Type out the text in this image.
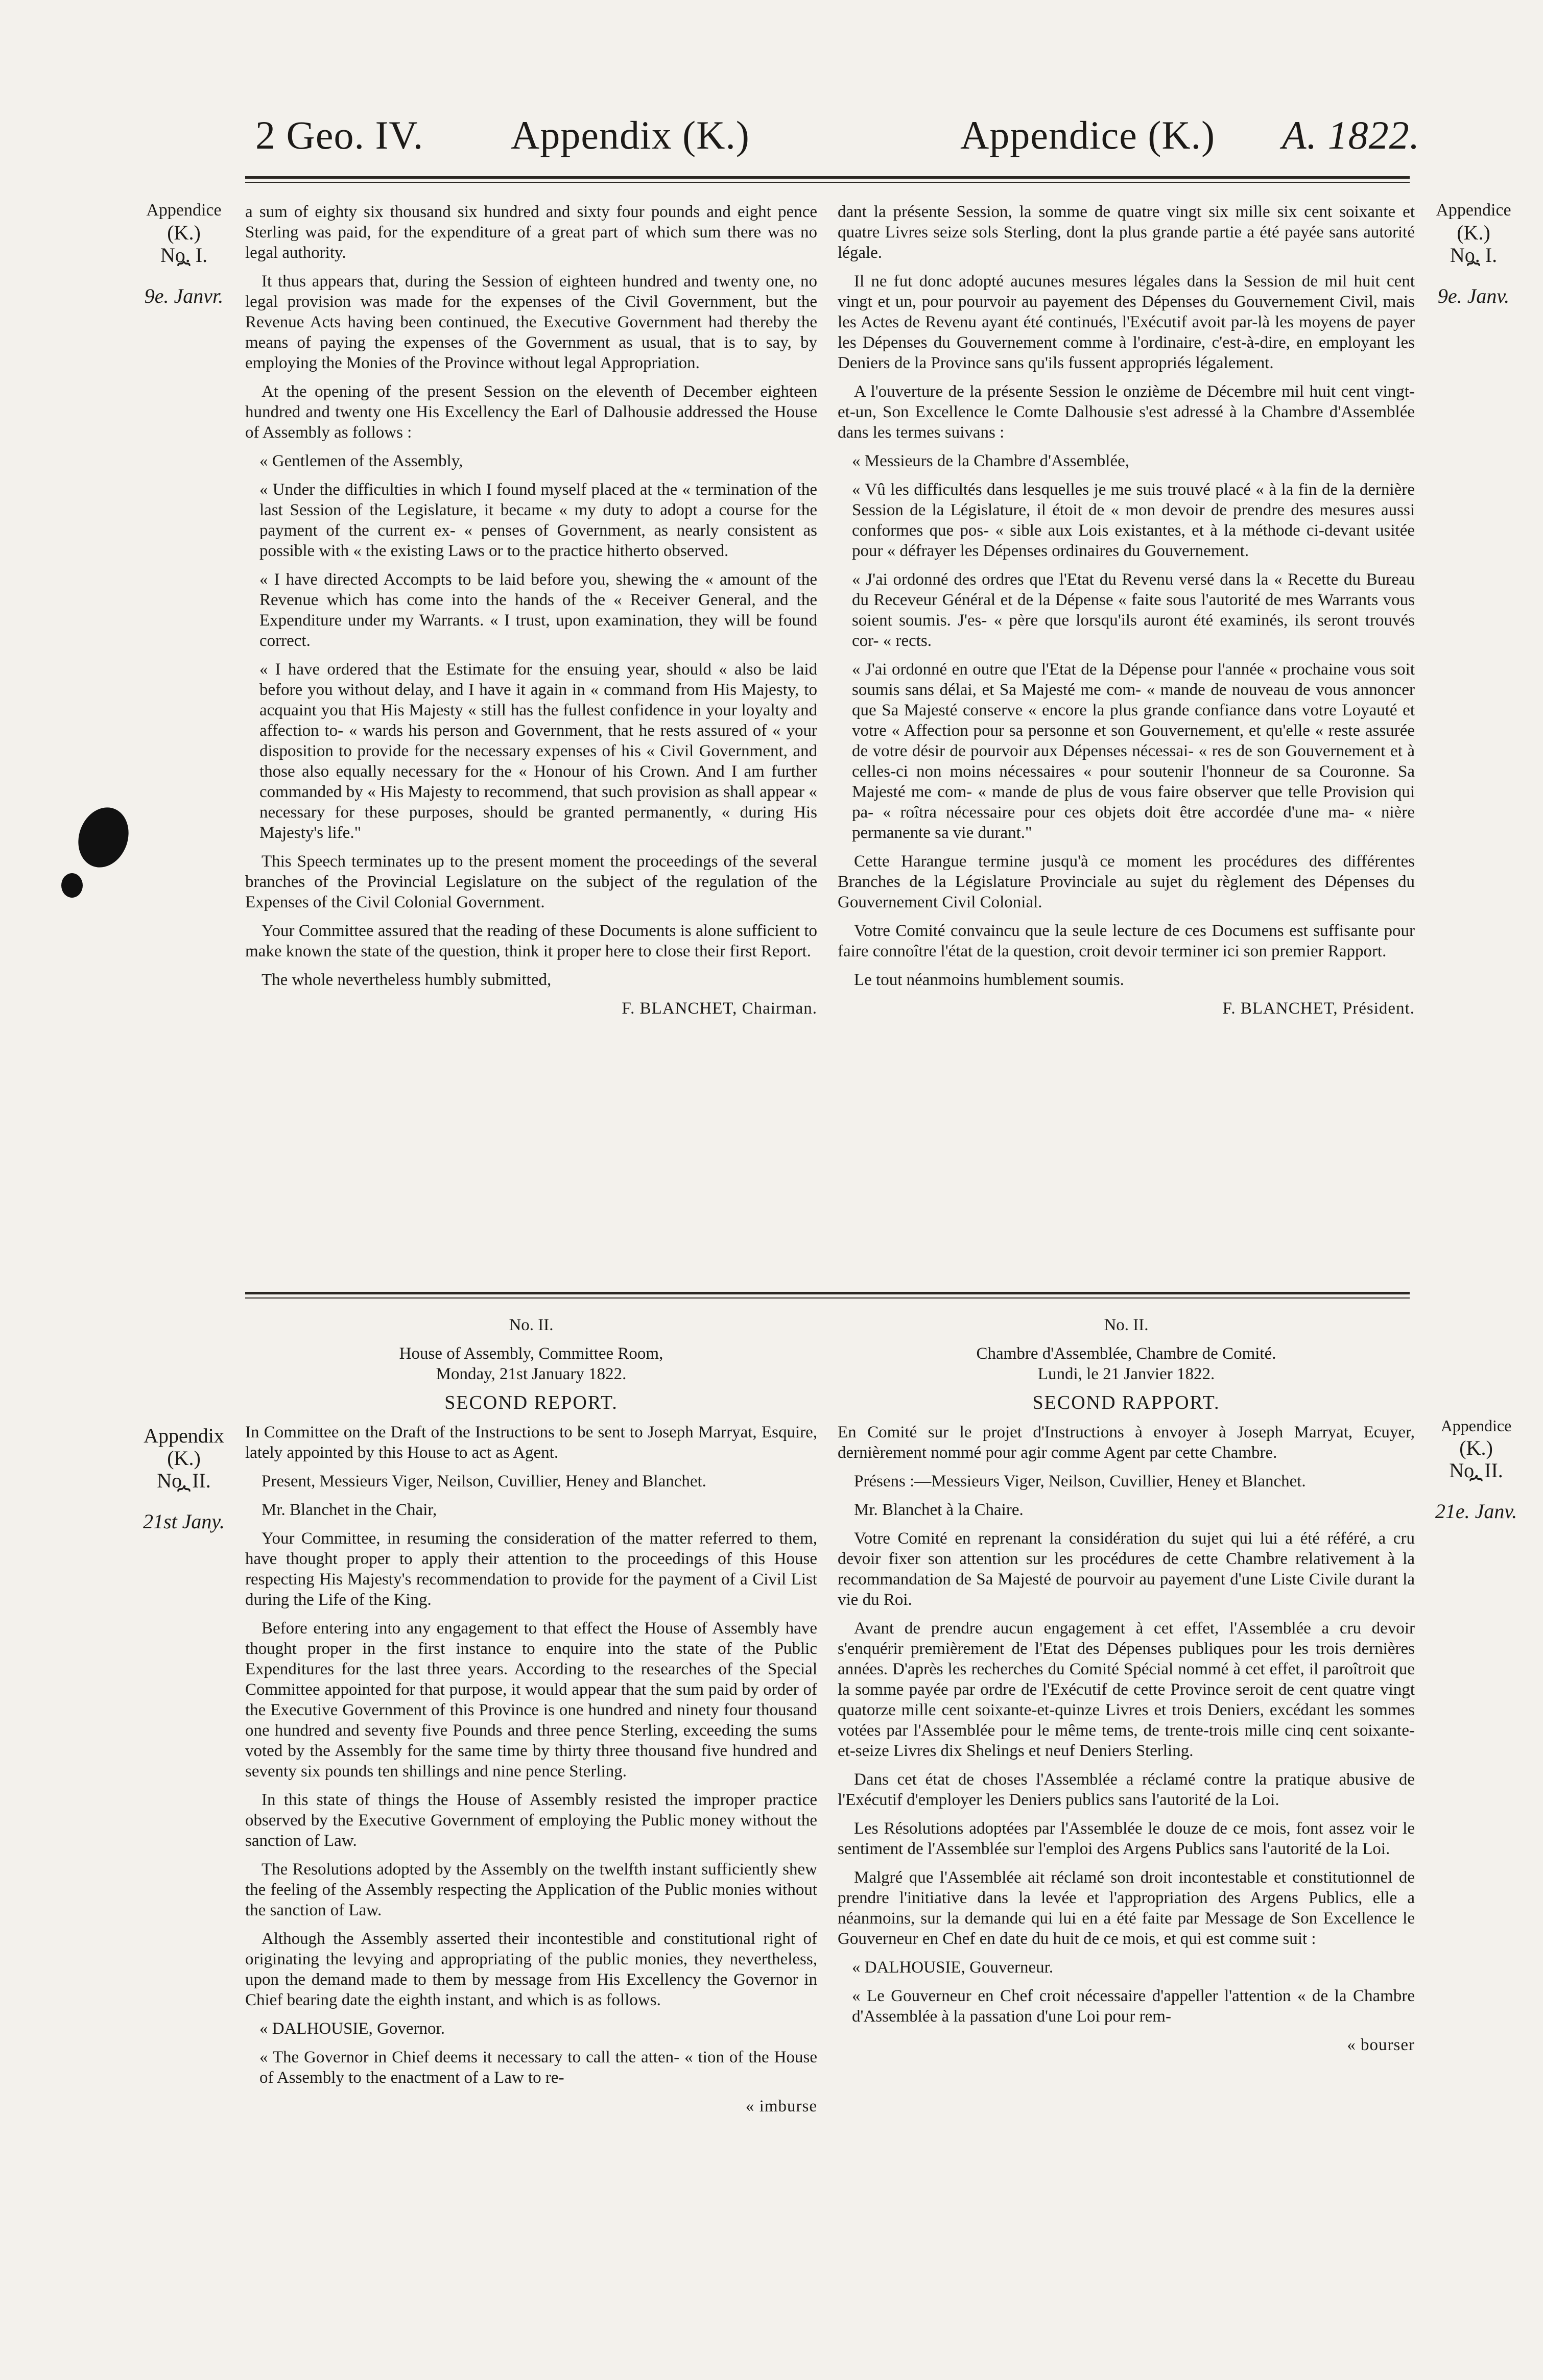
2 Geo. IV. Appendix (K.)	Appendice (K.) A. 1822.
Appendice
(K.)
No. I.
⏞
9e. Janvr.
Appendice
(K.)
No. I.
⏞
9e. Janv.
Appendix
(K.)
No. II.
⏞
21st Jany.
Appendice
(K.)
No. II.
⏞
21e. Janv.

a sum of eighty six thousand six hundred and sixty four pounds and eight pence Sterling was paid, for the expenditure of a great part of which sum there was no legal authority.

It thus appears that, during the Session of eighteen hundred and twenty one, no legal provision was made for the expenses of the Civil Government, but the Revenue Acts having been continued, the Executive Government had thereby the means of paying the expenses of the Government as usual, that is to say, by employing the Monies of the Province without legal Appropriation.

At the opening of the present Session on the eleventh of December eighteen hundred and twenty one His Excellency the Earl of Dalhousie addressed the House of Assembly as follows :

« Gentlemen of the Assembly,

« Under the difficulties in which I found myself placed at the « termination of the last Session of the Legislature, it became « my duty to adopt a course for the payment of the current ex- « penses of Government, as nearly consistent as possible with « the existing Laws or to the practice hitherto observed.

« I have directed Accompts to be laid before you, shewing the « amount of the Revenue which has come into the hands of the « Receiver General, and the Expenditure under my Warrants. « I trust, upon examination, they will be found correct.

« I have ordered that the Estimate for the ensuing year, should « also be laid before you without delay, and I have it again in « command from His Majesty, to acquaint you that His Majesty « still has the fullest confidence in your loyalty and affection to- « wards his person and Government, that he rests assured of « your disposition to provide for the necessary expenses of his « Civil Government, and those also equally necessary for the « Honour of his Crown. And I am further commanded by « His Majesty to recommend, that such provision as shall appear « necessary for these purposes, should be granted permanently, « during His Majesty's life."

This Speech terminates up to the present moment the proceedings of the several branches of the Provincial Legislature on the subject of the regulation of the Expenses of the Civil Colonial Government.

Your Committee assured that the reading of these Documents is alone sufficient to make known the state of the question, think it proper here to close their first Report.

The whole nevertheless humbly submitted,

F. BLANCHET, Chairman.

dant la présente Session, la somme de quatre vingt six mille six cent soixante et quatre Livres seize sols Sterling, dont la plus grande partie a été payée sans autorité légale.

Il ne fut donc adopté aucunes mesures légales dans la Session de mil huit cent vingt et un, pour pourvoir au payement des Dépenses du Gouvernement Civil, mais les Actes de Revenu ayant été continués, l'Exécutif avoit par-là les moyens de payer les Dépenses du Gouvernement comme à l'ordinaire, c'est-à-dire, en employant les Deniers de la Province sans qu'ils fussent appropriés légalement.

A l'ouverture de la présente Session le onzième de Décembre mil huit cent vingt-et-un, Son Excellence le Comte Dalhousie s'est adressé à la Chambre d'Assemblée dans les termes suivans :

« Messieurs de la Chambre d'Assemblée,

« Vû les difficultés dans lesquelles je me suis trouvé placé « à la fin de la dernière Session de la Législature, il étoit de « mon devoir de prendre des mesures aussi conformes que pos- « sible aux Lois existantes, et à la méthode ci-devant usitée pour « défrayer les Dépenses ordinaires du Gouvernement.

« J'ai ordonné des ordres que l'Etat du Revenu versé dans la « Recette du Bureau du Receveur Général et de la Dépense « faite sous l'autorité de mes Warrants vous soient soumis. J'es- « père que lorsqu'ils auront été examinés, ils seront trouvés cor- « rects.

« J'ai ordonné en outre que l'Etat de la Dépense pour l'année « prochaine vous soit soumis sans délai, et Sa Majesté me com- « mande de nouveau de vous annoncer que Sa Majesté conserve « encore la plus grande confiance dans votre Loyauté et votre « Affection pour sa personne et son Gouvernement, et qu'elle « reste assurée de votre désir de pourvoir aux Dépenses nécessai- « res de son Gouvernement et à celles-ci non moins nécessaires « pour soutenir l'honneur de sa Couronne. Sa Majesté me com- « mande de plus de vous faire observer que telle Provision qui pa- « roîtra nécessaire pour ces objets doit être accordée d'une ma- « nière permanente sa vie durant."

Cette Harangue termine jusqu'à ce moment les procédures des différentes Branches de la Législature Provinciale au sujet du règlement des Dépenses du Gouvernement Civil Colonial.

Votre Comité convaincu que la seule lecture de ces Documens est suffisante pour faire connoître l'état de la question, croit devoir terminer ici son premier Rapport.

Le tout néanmoins humblement soumis.

F. BLANCHET, Président.

No. II.

House of Assembly, Committee Room,

Monday, 21st January 1822.

SECOND REPORT.

In Committee on the Draft of the Instructions to be sent to Joseph Marryat, Esquire, lately appointed by this House to act as Agent.

Present, Messieurs Viger, Neilson, Cuvillier, Heney and Blanchet.

Mr. Blanchet in the Chair,

Your Committee, in resuming the consideration of the matter referred to them, have thought proper to apply their attention to the proceedings of this House respecting His Majesty's recommendation to provide for the payment of a Civil List during the Life of the King.

Before entering into any engagement to that effect the House of Assembly have thought proper in the first instance to enquire into the state of the Public Expenditures for the last three years. According to the researches of the Special Committee appointed for that purpose, it would appear that the sum paid by order of the Executive Government of this Province is one hundred and ninety four thousand one hundred and seventy five Pounds and three pence Sterling, exceeding the sums voted by the Assembly for the same time by thirty three thousand five hundred and seventy six pounds ten shillings and nine pence Sterling.

In this state of things the House of Assembly resisted the improper practice observed by the Executive Government of employing the Public money without the sanction of Law.

The Resolutions adopted by the Assembly on the twelfth instant sufficiently shew the feeling of the Assembly respecting the Application of the Public monies without the sanction of Law.

Although the Assembly asserted their incontestible and constitutional right of originating the levying and appropriating of the public monies, they nevertheless, upon the demand made to them by message from His Excellency the Governor in Chief bearing date the eighth instant, and which is as follows.

« DALHOUSIE, Governor.

« The Governor in Chief deems it necessary to call the atten- « tion of the House of Assembly to the enactment of a Law to re-

« imburse

No. II.

Chambre d'Assemblée, Chambre de Comité.

Lundi, le 21 Janvier 1822.

SECOND RAPPORT.

En Comité sur le projet d'Instructions à envoyer à Joseph Marryat, Ecuyer, dernièrement nommé pour agir comme Agent par cette Chambre.

Présens :—Messieurs Viger, Neilson, Cuvillier, Heney et Blanchet.

Mr. Blanchet à la Chaire.

Votre Comité en reprenant la considération du sujet qui lui a été référé, a cru devoir fixer son attention sur les procédures de cette Chambre relativement à la recommandation de Sa Majesté de pourvoir au payement d'une Liste Civile durant la vie du Roi.

Avant de prendre aucun engagement à cet effet, l'Assemblée a cru devoir s'enquérir premièrement de l'Etat des Dépenses publiques pour les trois dernières années. D'après les recherches du Comité Spécial nommé à cet effet, il paroîtroit que la somme payée par ordre de l'Exécutif de cette Province seroit de cent quatre vingt quatorze mille cent soixante-et-quinze Livres et trois Deniers, excédant les sommes votées par l'Assemblée pour le même tems, de trente-trois mille cinq cent soixante-et-seize Livres dix Shelings et neuf Deniers Sterling.

Dans cet état de choses l'Assemblée a réclamé contre la pratique abusive de l'Exécutif d'employer les Deniers publics sans l'autorité de la Loi.

Les Résolutions adoptées par l'Assemblée le douze de ce mois, font assez voir le sentiment de l'Assemblée sur l'emploi des Argens Publics sans l'autorité de la Loi.

Malgré que l'Assemblée ait réclamé son droit incontestable et constitutionnel de prendre l'initiative dans la levée et l'appropriation des Argens Publics, elle a néanmoins, sur la demande qui lui en a été faite par Message de Son Excellence le Gouverneur en Chef en date du huit de ce mois, et qui est comme suit :

« DALHOUSIE, Gouverneur.

« Le Gouverneur en Chef croit nécessaire d'appeller l'attention « de la Chambre d'Assemblée à la passation d'une Loi pour rem-

« bourser
